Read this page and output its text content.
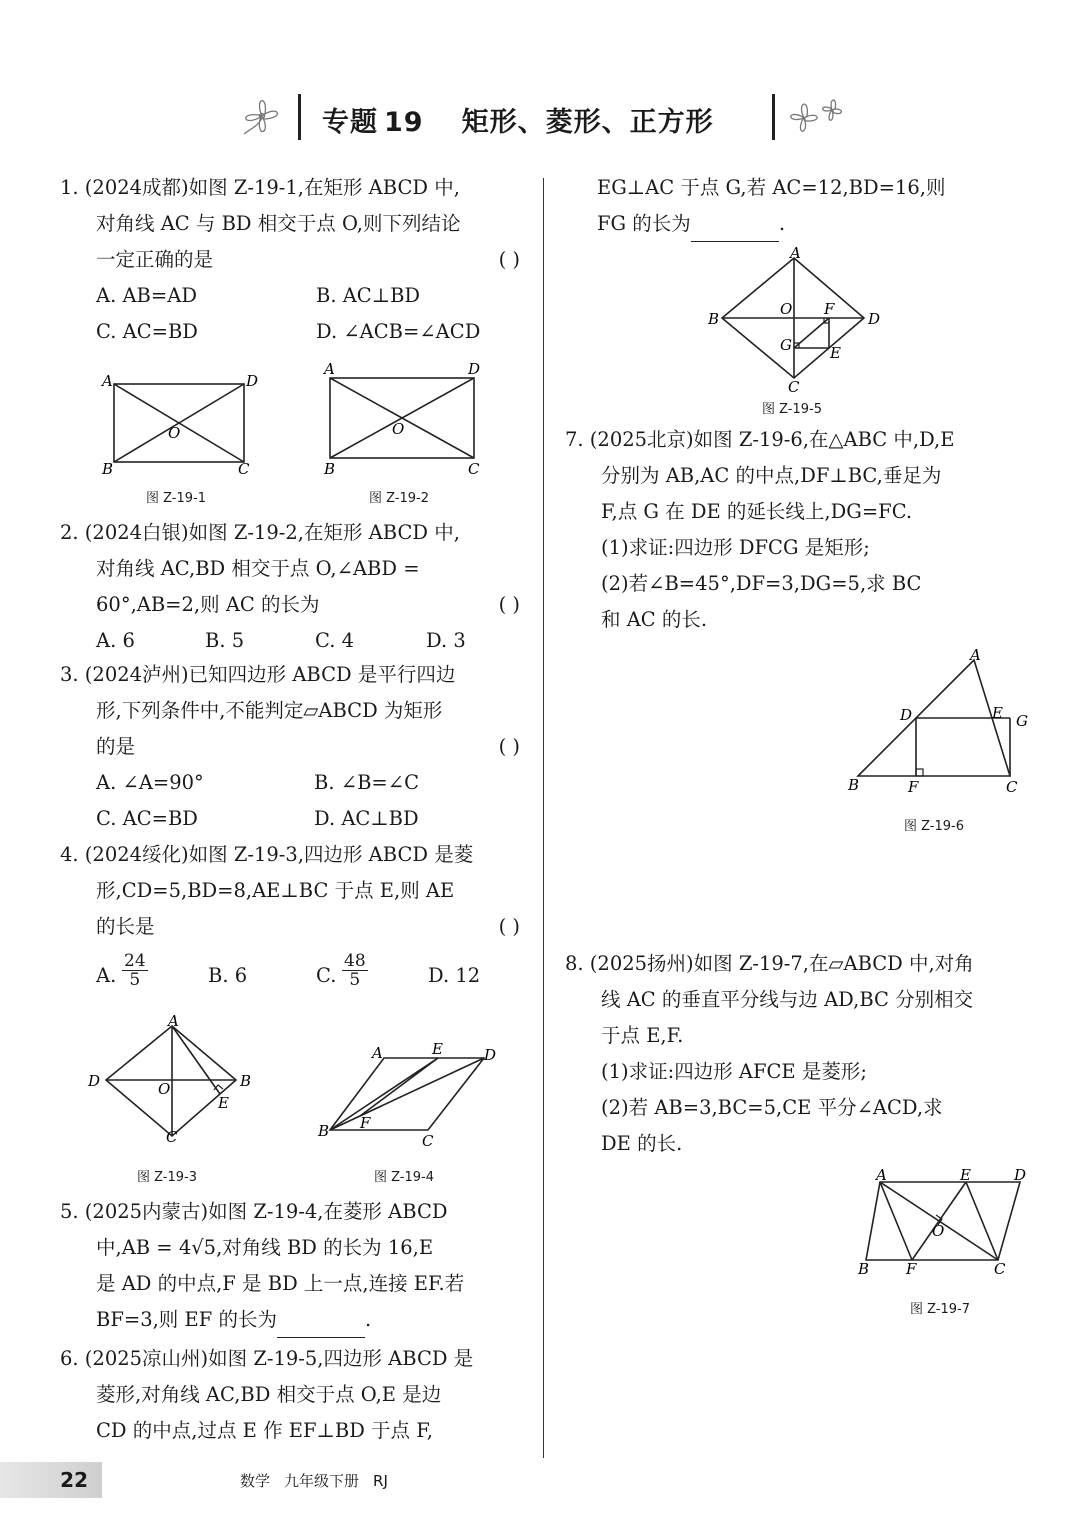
专题 19 矩形、菱形、正方形
1. (2024成都)如图 Z-19-1,在矩形 ABCD 中,
对角线 AC 与 BD 相交于点 O,则下列结论
一定正确的是	( )
A. AB=AD	B. AC⊥BD
C. AC=BD	D. ∠ACB=∠ACD
A	D
B	C
O
图 Z-19-1
A	D
B	C
O
图 Z-19-2
2. (2024白银)如图 Z-19-2,在矩形 ABCD 中,
对角线 AC,BD 相交于点 O,∠ABD =
60°,AB=2,则 AC 的长为	( )
A. 6	B. 5	C. 4	D. 3
3. (2024泸州)已知四边形 ABCD 是平行四边
形,下列条件中,不能判定▱ABCD 为矩形
的是	( )
A. ∠A=90°	B. ∠B=∠C
C. AC=BD	D. AC⊥BD
4. (2024绥化)如图 Z-19-3,四边形 ABCD 是菱
形,CD=5,BD=8,AE⊥BC 于点 E,则 AE
的长是	( )
A. $\frac{24}{5}$	B. 6	C. $\frac{48}{5}$	D. 12
A
D	B
C
O
E
图 Z-19-3
A	E	D
B F
C
图 Z-19-4
5. (2025内蒙古)如图 Z-19-4,在菱形 ABCD
中,AB = 4√5,对角线 BD 的长为 16,E
是 AD 的中点,F 是 BD 上一点,连接 EF.若
BF=3,则 EF 的长为	.
6. (2025凉山州)如图 Z-19-5,四边形 ABCD 是
菱形,对角线 AC,BD 相交于点 O,E 是边
CD 的中点,过点 E 作 EF⊥BD 于点 F,
EG⊥AC 于点 G,若 AC=12,BD=16,则
FG 的长为	.
A
B	D
C
O F
G	E
图 Z-19-5
7. (2025北京)如图 Z-19-6,在△ABC 中,D,E
分别为 AB,AC 的中点,DF⊥BC,垂足为
F,点 G 在 DE 的延长线上,DG=FC.
(1)求证:四边形 DFCG 是矩形;
(2)若∠B=45°,DF=3,DG=5,求 BC
和 AC 的长.
A
D	E G
B	F	C
图 Z-19-6
8. (2025扬州)如图 Z-19-7,在▱ABCD 中,对角
线 AC 的垂直平分线与边 AD,BC 分别相交
于点 E,F.
(1)求证:四边形 AFCE 是菱形;
(2)若 AB=3,BC=5,CE 平分∠ACD,求
DE 的长.
A	E	D
B F	C
O
图 Z-19-7
22	数学 九年级下册 RJ
